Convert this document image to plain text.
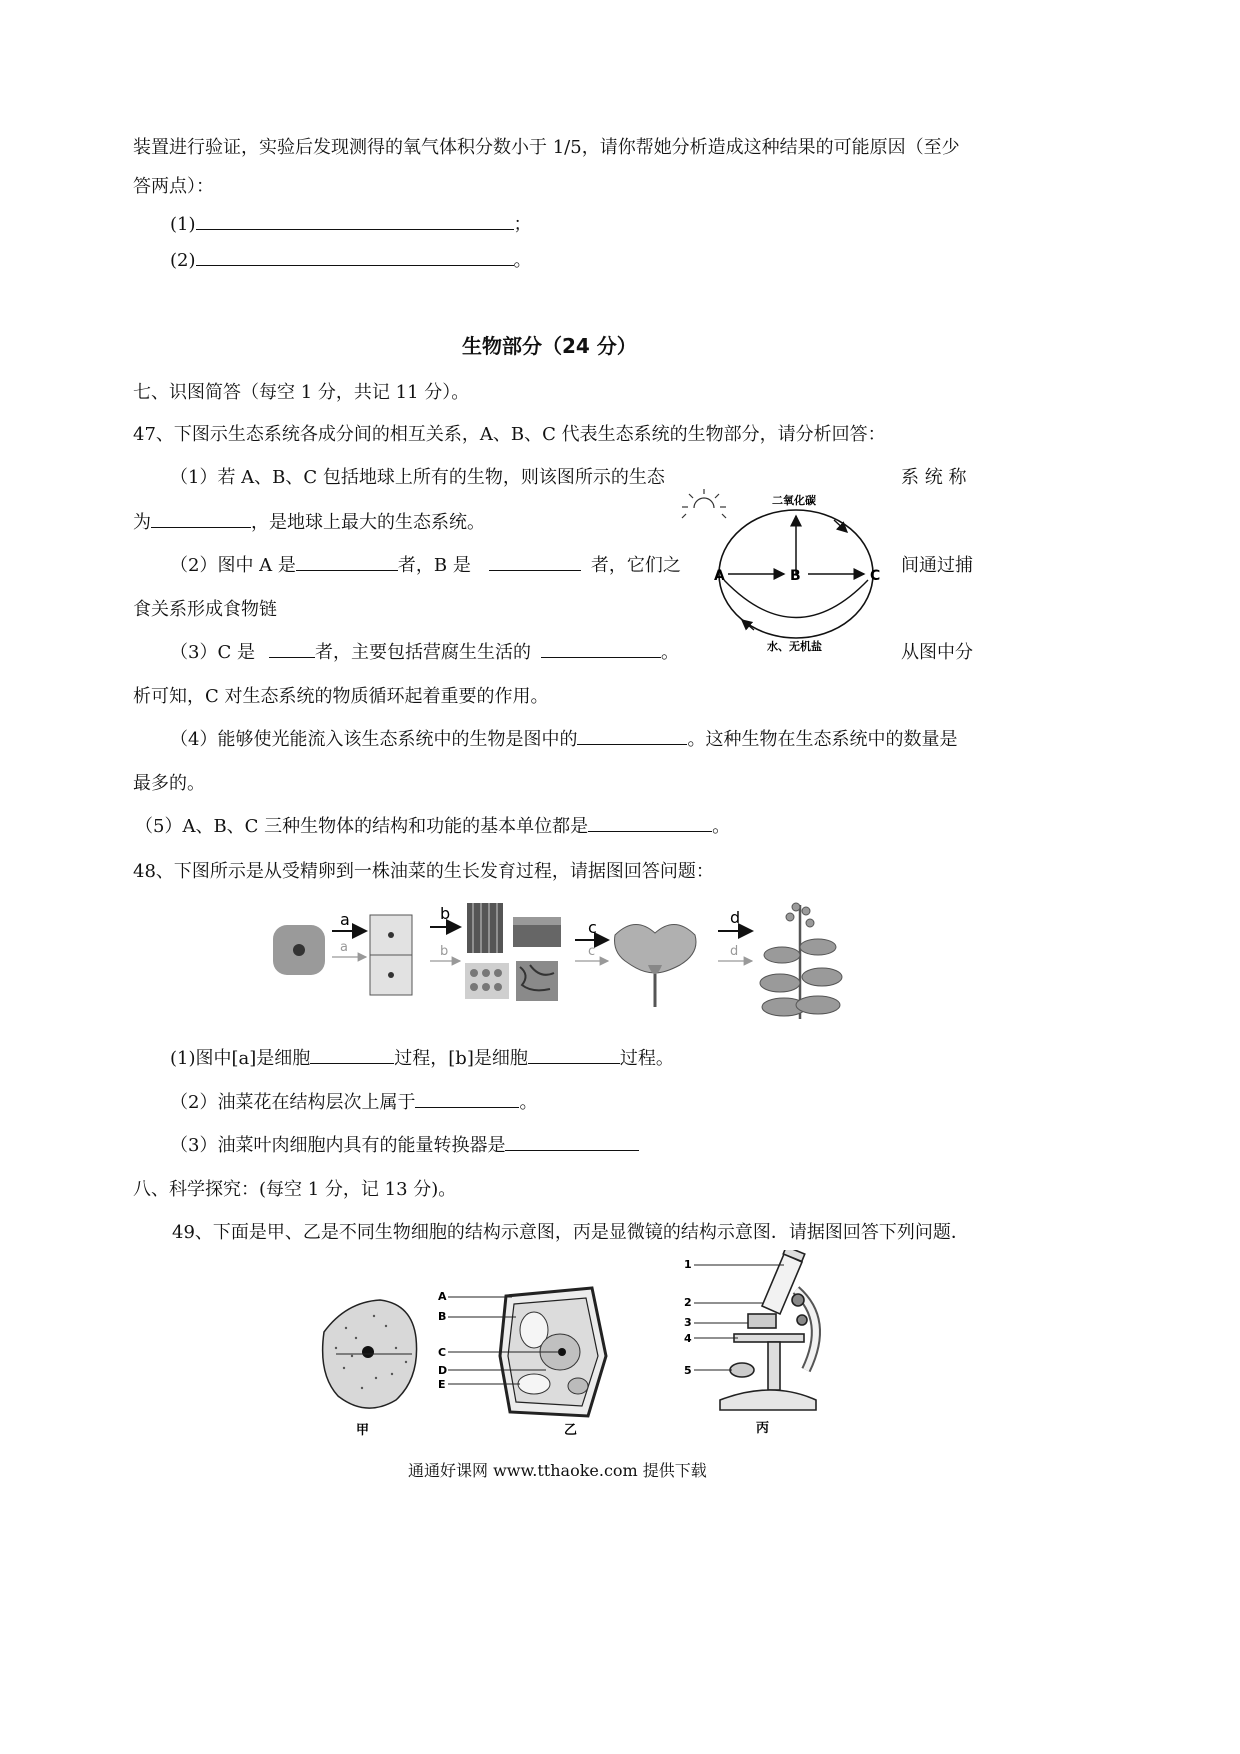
装置进行验证，实验后发现测得的氧气体积分数小于 1/5，请你帮她分析造成这种结果的可能原因（至少
答两点）：
(1)	；
(2)	。
生物部分（24 分）
七、识图简答（每空 1 分，共记 11 分）。
47、下图示生态系统各成分间的相互关系，A、B、C 代表生态系统的生物部分，请分析回答：
（1）若 A、B、C 包括地球上所有的生物，则该图所示的生态	系 统 称
为	，是地球上最大的生态系统。
（2）图中 A 是	者，B 是	者，它们之	间通过捕
食关系形成食物链
（3）C 是	者，主要包括营腐生生活的	。	从图中分
析可知，C 对生态系统的物质循环起着重要的作用。
（4）能够使光能流入该生态系统中的生物是图中的	。这种生物在生态系统中的数量是
最多的。
（5）A、B、C 三种生物体的结构和功能的基本单位都是	。
二氧化碳
水、无机盐
A	B	C
48、下图所示是从受精卵到一株油菜的生长发育过程，请据图回答问题：
a
a
b
b
c
c
d
d
(1)图中[a]是细胞	过程，[b]是细胞	过程。
（2）油菜花在结构层次上属于	。
（3）油菜叶肉细胞内具有的能量转换器是
八、科学探究：(每空 1 分，记 13 分)。
49、下面是甲、乙是不同生物细胞的结构示意图，丙是显微镜的结构示意图．请据图回答下列问题．
A
B
C
D
E
甲	乙
1
2
3
4
5
丙
通通好课网 www.tthaoke.com 提供下载
